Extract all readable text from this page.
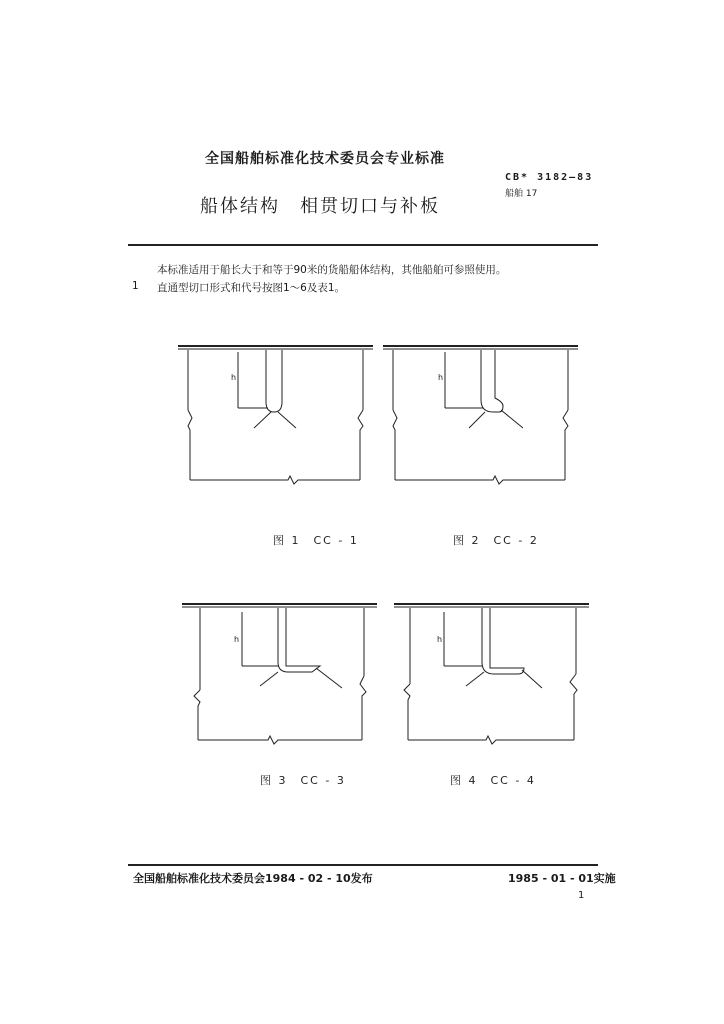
全国船舶标准化技术委员会专业标准
CB* 3182—83
船舶 17
船体结构　相贯切口与补板
本标准适用于船长大于和等于90米的货船船体结构，其他船舶可参照使用。
1 直通型切口形式和代号按图1～6及表1。
h
图 1　CC - 1
h
图 2　CC - 2
h
图 3　CC - 3
h
图 4　CC - 4
全国船舶标准化技术委员会1984 - 02 - 10发布	1985 - 01 - 01实施
1
